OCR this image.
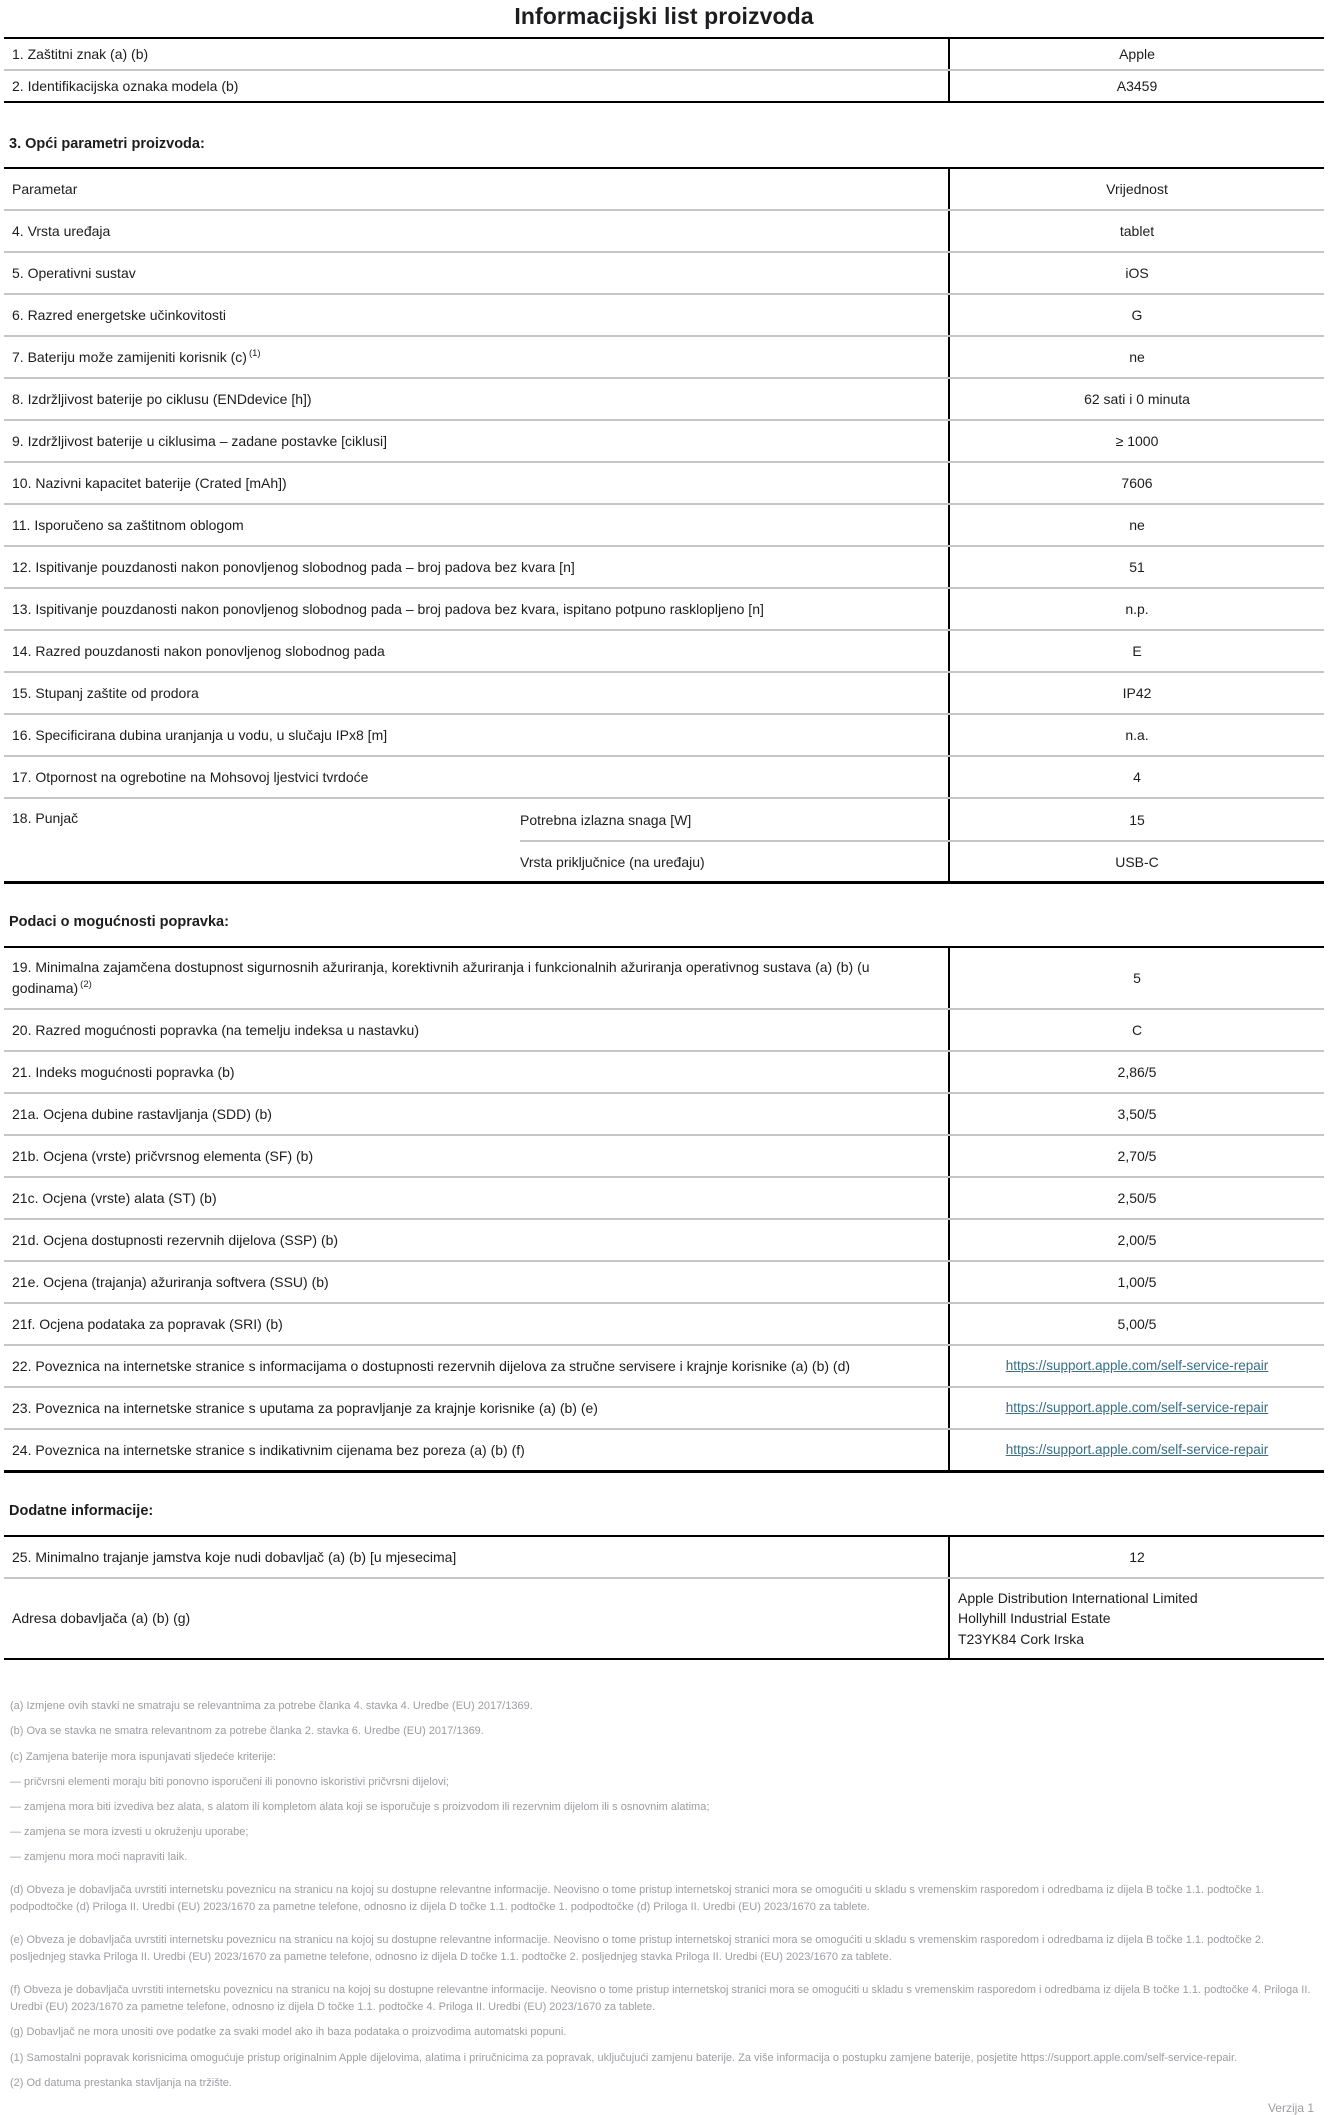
Informacijski list proizvoda
1. Zaštitni znak (a) (b)	Apple
2. Identifikacijska oznaka modela (b)	A3459
3. Opći parametri proizvoda:
Parametar	Vrijednost
4. Vrsta uređaja	tablet
5. Operativni sustav	iOS
6. Razred energetske učinkovitosti	G
7. Bateriju može zamijeniti korisnik (c) $^{(1)}$	ne
8. Izdržljivost baterije po ciklusu (ENDdevice [h])	62 sati i 0 minuta
9. Izdržljivost baterije u ciklusima – zadane postavke [ciklusi]	≥ 1000
10. Nazivni kapacitet baterije (Crated [mAh])	7606
11. Isporučeno sa zaštitnom oblogom	ne
12. Ispitivanje pouzdanosti nakon ponovljenog slobodnog pada – broj padova bez kvara [n]	51
13. Ispitivanje pouzdanosti nakon ponovljenog slobodnog pada – broj padova bez kvara, ispitano potpuno rasklopljeno [n]	n.p.
14. Razred pouzdanosti nakon ponovljenog slobodnog pada	E
15. Stupanj zaštite od prodora	IP42
16. Specificirana dubina uranjanja u vodu, u slučaju IPx8 [m]	n.a.
17. Otpornost na ogrebotine na Mohsovoj ljestvici tvrdoće	4
18. Punjač	Potrebna izlazna snaga [W]	15
Vrsta priključnice (na uređaju)	USB-C
Podaci o mogućnosti popravka:
19. Minimalna zajamčena dostupnost sigurnosnih ažuriranja, korektivnih ažuriranja i funkcionalnih ažuriranja operativnog sustava (a) (b) (u godinama) $^{(2)}$	5
20. Razred mogućnosti popravka (na temelju indeksa u nastavku)	C
21. Indeks mogućnosti popravka (b)	2,86/5
21a. Ocjena dubine rastavljanja (SDD) (b)	3,50/5
21b. Ocjena (vrste) pričvrsnog elementa (SF) (b)	2,70/5
21c. Ocjena (vrste) alata (ST) (b)	2,50/5
21d. Ocjena dostupnosti rezervnih dijelova (SSP) (b)	2,00/5
21e. Ocjena (trajanja) ažuriranja softvera (SSU) (b)	1,00/5
21f. Ocjena podataka za popravak (SRI) (b)	5,00/5
22. Poveznica na internetske stranice s informacijama o dostupnosti rezervnih dijelova za stručne servisere i krajnje korisnike (a) (b) (d)	https://support.apple.com/self-service-repair
23. Poveznica na internetske stranice s uputama za popravljanje za krajnje korisnike (a) (b) (e)	https://support.apple.com/self-service-repair
24. Poveznica na internetske stranice s indikativnim cijenama bez poreza (a) (b) (f)	https://support.apple.com/self-service-repair
Dodatne informacije:
25. Minimalno trajanje jamstva koje nudi dobavljač (a) (b) [u mjesecima]	12
Adresa dobavljača (a) (b) (g)
Apple Distribution International Limited
Hollyhill Industrial Estate
T23YK84 Cork Irska
(a) Izmjene ovih stavki ne smatraju se relevantnima za potrebe članka 4. stavka 4. Uredbe (EU) 2017/1369.
(b) Ova se stavka ne smatra relevantnom za potrebe članka 2. stavka 6. Uredbe (EU) 2017/1369.
(c) Zamjena baterije mora ispunjavati sljedeće kriterije:
— pričvrsni elementi moraju biti ponovno isporučeni ili ponovno iskoristivi pričvrsni dijelovi;
— zamjena mora biti izvediva bez alata, s alatom ili kompletom alata koji se isporučuje s proizvodom ili rezervnim dijelom ili s osnovnim alatima;
— zamjena se mora izvesti u okruženju uporabe;
— zamjenu mora moći napraviti laik.
(d) Obveza je dobavljača uvrstiti internetsku poveznicu na stranicu na kojoj su dostupne relevantne informacije. Neovisno o tome pristup internetskoj stranici mora se omogućiti u skladu s vremenskim rasporedom i odredbama iz dijela B točke 1.1. podtočke 1. podpodtočke (d) Priloga II. Uredbi (EU) 2023/1670 za pametne telefone, odnosno iz dijela D točke 1.1. podtočke 1. podpodtočke (d) Priloga II. Uredbi (EU) 2023/1670 za tablete.
(e) Obveza je dobavljača uvrstiti internetsku poveznicu na stranicu na kojoj su dostupne relevantne informacije. Neovisno o tome pristup internetskoj stranici mora se omogućiti u skladu s vremenskim rasporedom i odredbama iz dijela B točke 1.1. podtočke 2. posljednjeg stavka Priloga II. Uredbi (EU) 2023/1670 za pametne telefone, odnosno iz dijela D točke 1.1. podtočke 2. posljednjeg stavka Priloga II. Uredbi (EU) 2023/1670 za tablete.
(f) Obveza je dobavljača uvrstiti internetsku poveznicu na stranicu na kojoj su dostupne relevantne informacije. Neovisno o tome pristup internetskoj stranici mora se omogućiti u skladu s vremenskim rasporedom i odredbama iz dijela B točke 1.1. podtočke 4. Priloga II. Uredbi (EU) 2023/1670 za pametne telefone, odnosno iz dijela D točke 1.1. podtočke 4. Priloga II. Uredbi (EU) 2023/1670 za tablete.
(g) Dobavljač ne mora unositi ove podatke za svaki model ako ih baza podataka o proizvodima automatski popuni.
(1) Samostalni popravak korisnicima omogućuje pristup originalnim Apple dijelovima, alatima i priručnicima za popravak, uključujući zamjenu baterije. Za više informacija o postupku zamjene baterije, posjetite https://support.apple.com/self-service-repair.
(2) Od datuma prestanka stavljanja na tržište.
Verzija 1
